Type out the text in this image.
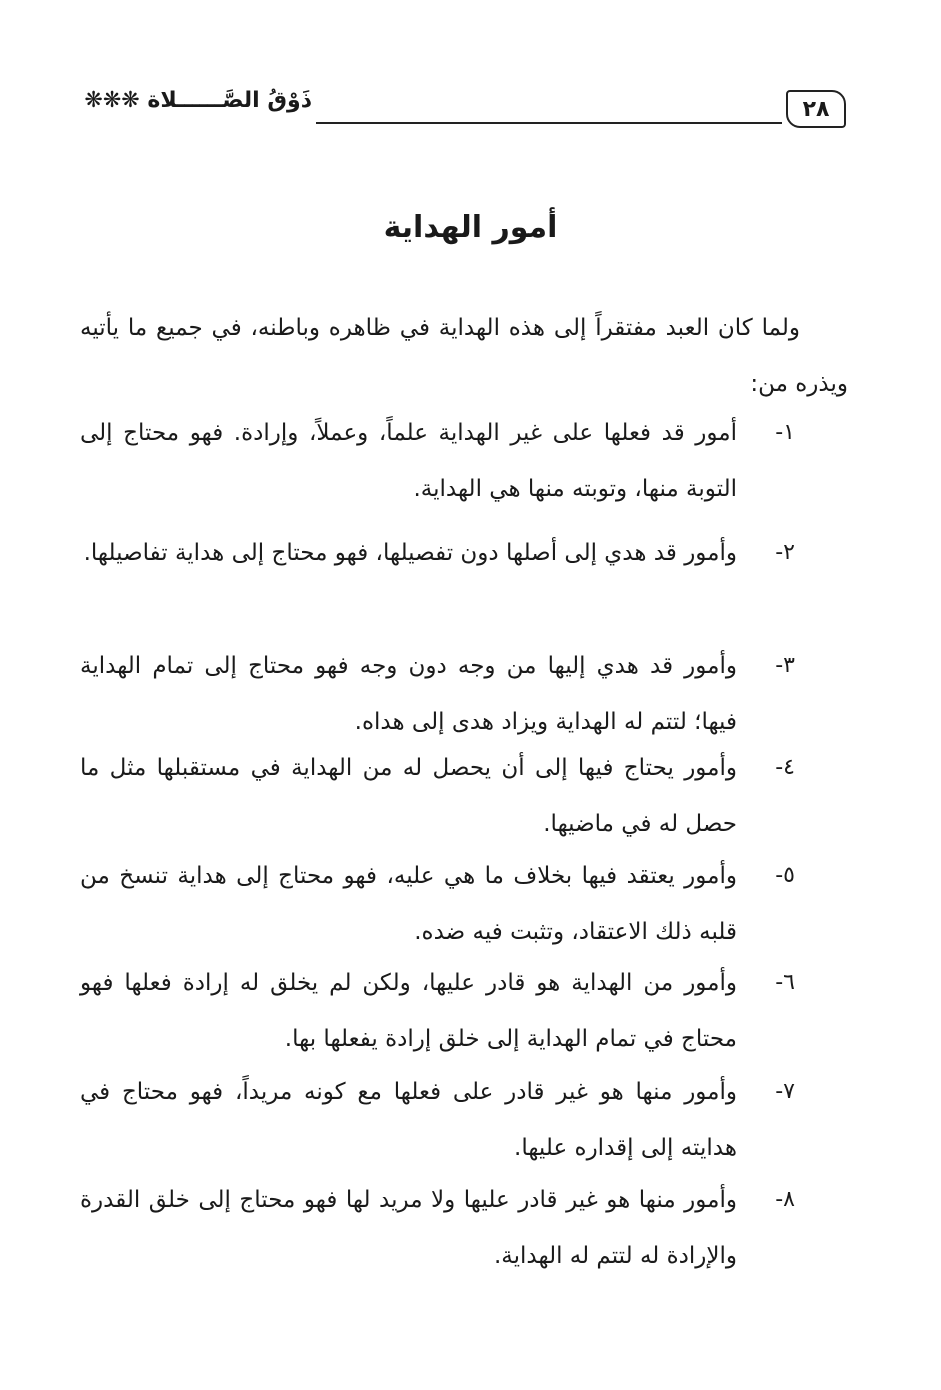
ذَوْقُ الصَّــــــلاة ❋❋❋	٢٨
أمور الهداية
ولما كان العبد مفتقراً إلى هذه الهداية في ظاهره وباطنه، في جميع ما يأتيه ويذره من:
١-
أمور قد فعلها على غير الهداية علماً، وعملاً، وإرادة. فهو محتاج إلى التوبة منها، وتوبته منها هي الهداية.
٢-
وأمور قد هدي إلى أصلها دون تفصيلها، فهو محتاج إلى هداية تفاصيلها.
٣-
وأمور قد هدي إليها من وجه دون وجه فهو محتاج إلى تمام الهداية فيها؛ لتتم له الهداية ويزاد هدى إلى هداه.
٤-
وأمور يحتاج فيها إلى أن يحصل له من الهداية في مستقبلها مثل ما حصل له في ماضيها.
٥-
وأمور يعتقد فيها بخلاف ما هي عليه، فهو محتاج إلى هداية تنسخ من قلبه ذلك الاعتقاد، وتثبت فيه ضده.
٦-
وأمور من الهداية هو قادر عليها، ولكن لم يخلق له إرادة فعلها فهو محتاج في تمام الهداية إلى خلق إرادة يفعلها بها.
٧-
وأمور منها هو غير قادر على فعلها مع كونه مريداً، فهو محتاج في هدايته إلى إقداره عليها.
٨-
وأمور منها هو غير قادر عليها ولا مريد لها فهو محتاج إلى خلق القدرة والإرادة له لتتم له الهداية.
